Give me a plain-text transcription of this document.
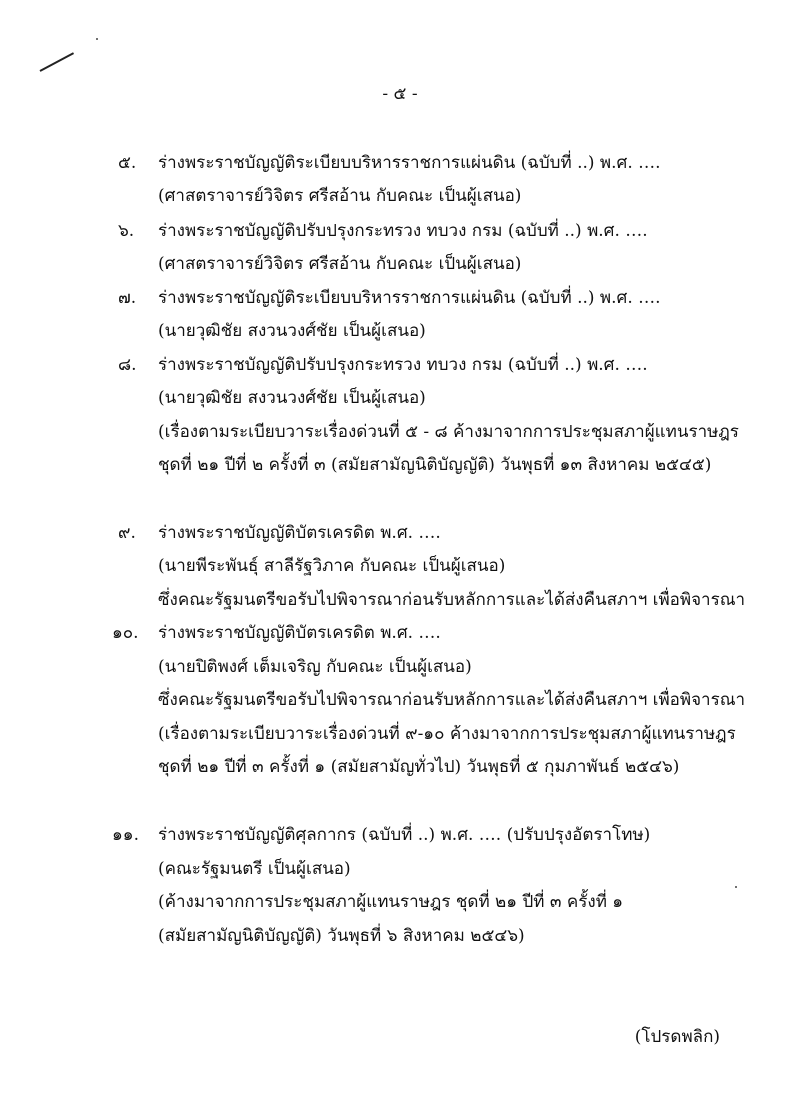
- ๕ -
๕. ร่างพระราชบัญญัติระเบียบบริหารราชการแผ่นดิน (ฉบับที่ ..) พ.ศ. ….
(ศาสตราจารย์วิจิตร ศรีสอ้าน กับคณะ เป็นผู้เสนอ)
๖. ร่างพระราชบัญญัติปรับปรุงกระทรวง ทบวง กรม (ฉบับที่ ..) พ.ศ. ….
(ศาสตราจารย์วิจิตร ศรีสอ้าน กับคณะ เป็นผู้เสนอ)
๗. ร่างพระราชบัญญัติระเบียบบริหารราชการแผ่นดิน (ฉบับที่ ..) พ.ศ. ….
(นายวุฒิชัย สงวนวงศ์ชัย เป็นผู้เสนอ)
๘. ร่างพระราชบัญญัติปรับปรุงกระทรวง ทบวง กรม (ฉบับที่ ..) พ.ศ. ….
(นายวุฒิชัย สงวนวงศ์ชัย เป็นผู้เสนอ)
(เรื่องตามระเบียบวาระเรื่องด่วนที่ ๕ - ๘ ค้างมาจากการประชุมสภาผู้แทนราษฎร
ชุดที่ ๒๑ ปีที่ ๒ ครั้งที่ ๓ (สมัยสามัญนิติบัญญัติ) วันพุธที่ ๑๓ สิงหาคม ๒๕๔๕)
๙. ร่างพระราชบัญญัติบัตรเครดิต พ.ศ. ….
(นายพีระพันธุ์ สาลีรัฐวิภาค กับคณะ เป็นผู้เสนอ)
ซึ่งคณะรัฐมนตรีขอรับไปพิจารณาก่อนรับหลักการและได้ส่งคืนสภาฯ เพื่อพิจารณา
๑๐. ร่างพระราชบัญญัติบัตรเครดิต พ.ศ. ….
(นายปิติพงศ์ เต็มเจริญ กับคณะ เป็นผู้เสนอ)
ซึ่งคณะรัฐมนตรีขอรับไปพิจารณาก่อนรับหลักการและได้ส่งคืนสภาฯ เพื่อพิจารณา
(เรื่องตามระเบียบวาระเรื่องด่วนที่ ๙-๑๐ ค้างมาจากการประชุมสภาผู้แทนราษฎร
ชุดที่ ๒๑ ปีที่ ๓ ครั้งที่ ๑ (สมัยสามัญทั่วไป) วันพุธที่ ๕ กุมภาพันธ์ ๒๕๔๖)
๑๑. ร่างพระราชบัญญัติศุลกากร (ฉบับที่ ..) พ.ศ. …. (ปรับปรุงอัตราโทษ)
(คณะรัฐมนตรี เป็นผู้เสนอ)
(ค้างมาจากการประชุมสภาผู้แทนราษฎร ชุดที่ ๒๑ ปีที่ ๓ ครั้งที่ ๑
(สมัยสามัญนิติบัญญัติ) วันพุธที่ ๖ สิงหาคม ๒๕๔๖)
(โปรดพลิก)
